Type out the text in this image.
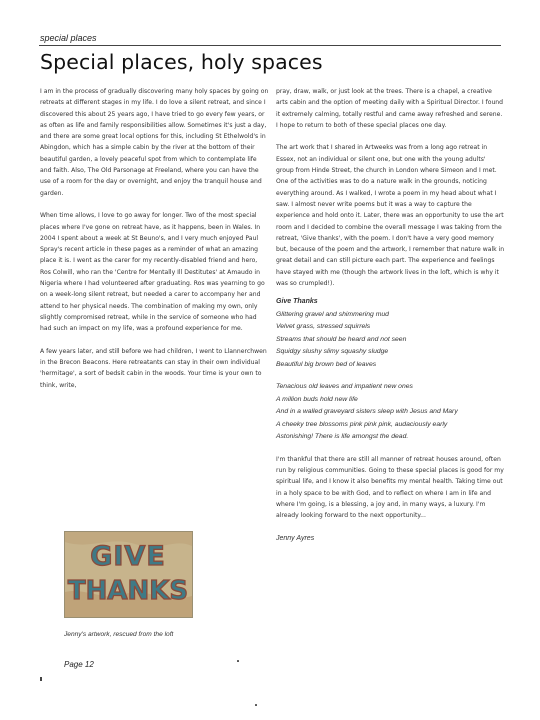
special places
Special places, holy spaces

I am in the process of gradually discovering many holy spaces by going on retreats at different stages in my life. I do love a silent retreat, and since I discovered this about 25 years ago, I have tried to go every few years, or as often as life and family responsibilities allow. Sometimes it's just a day, and there are some great local options for this, including St Ethelwold's in Abingdon, which has a simple cabin by the river at the bottom of their beautiful garden, a lovely peaceful spot from which to contemplate life and faith. Also, The Old Parsonage at Freeland, where you can have the use of a room for the day or overnight, and enjoy the tranquil house and garden.

When time allows, I love to go away for longer. Two of the most special places where I've gone on retreat have, as it happens, been in Wales. In 2004 I spent about a week at St Beuno's, and I very much enjoyed Paul Spray's recent article in these pages as a reminder of what an amazing place it is. I went as the carer for my recently-disabled friend and hero, Ros Colwill, who ran the 'Centre for Mentally Ill Destitutes' at Amaudo in Nigeria where I had volunteered after graduating. Ros was yearning to go on a week-long silent retreat, but needed a carer to accompany her and attend to her physical needs. The combination of making my own, only slightly compromised retreat, while in the service of someone who had had such an impact on my life, was a profound experience for me.

A few years later, and still before we had children, I went to Llannerchwen in the Brecon Beacons. Here retreatants can stay in their own individual 'hermitage', a sort of bedsit cabin in the woods. Your time is your own to think, write,

pray, draw, walk, or just look at the trees. There is a chapel, a creative arts cabin and the option of meeting daily with a Spiritual Director. I found it extremely calming, totally restful and came away refreshed and serene. I hope to return to both of these special places one day.

The art work that I shared in Artweeks was from a long ago retreat in Essex, not an individual or silent one, but one with the young adults' group from Hinde Street, the church in London where Simeon and I met. One of the activities was to do a nature walk in the grounds, noticing everything around. As I walked, I wrote a poem in my head about what I saw. I almost never write poems but it was a way to capture the experience and hold onto it. Later, there was an opportunity to use the art room and I decided to combine the overall message I was taking from the retreat, 'Give thanks', with the poem. I don't have a very good memory but, because of the poem and the artwork, I remember that nature walk in great detail and can still picture each part. The experience and feelings have stayed with me (though the artwork lives in the loft, which is why it was so crumpled!).

Give Thanks

Glittering gravel and shimmering mud

Velvet grass, stressed squirrels

Streams that should be heard and not seen

Squidgy slushy slimy squashy sludge

Beautiful big brown bed of leaves

Tenacious old leaves and impatient new ones

A million buds hold new life

And in a walled graveyard sisters sleep with Jesus and Mary

A cheeky tree blossoms pink pink pink, audaciously early

Astonishing! There is life amongst the dead.

I'm thankful that there are still all manner of retreat houses around, often run by religious communities. Going to these special places is good for my spiritual life, and I know it also benefits my mental health. Taking time out in a holy space to be with God, and to reflect on where I am in life and where I'm going, is a blessing, a joy and, in many ways, a luxury. I'm already looking forward to the next opportunity...

Jenny Ayres
GIVE
THANKS
Jenny's artwork, rescued from the loft
Page 12
